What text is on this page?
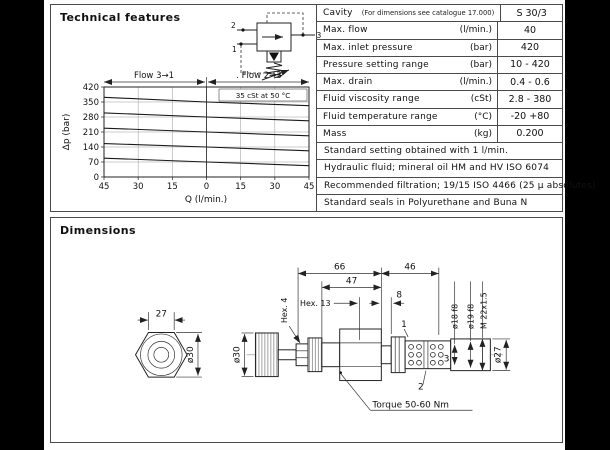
Technical features
2
1
3
0
70
140
210
280
350
420
45	30	15	0	15	30	45
Flow 3→1	. Flow 2→3
35 cSt at 50 °C
Q (l/min.)
Δp (bar)
Cavity (For dimensions see catalogue 17.000)	S 30/3
Max. flow	(l/min.)	40
Max. inlet pressure	(bar)	420
Pressure setting range	(bar)	10 - 420
Max. drain	(l/min.)	0.4 - 0.6
Fluid viscosity range	(cSt)	2.8 - 380
Fluid temperature range	(°C)	-20 +80
Mass	(kg)	0.200
Standard setting obtained with 1 l/min.
Hydraulic fluid; mineral oil HM and HV ISO 6074
Recommended filtration; 19/15 ISO 4466 (25 μ absolutes)
Standard seals in Polyurethane and Buna N
Dimensions
27
ø30
66	46
47
Hex. 13
8
Hex. 4
ø30
ø18 f8 ø19 f8 M 22x1.5
ø27
1
2
3
Torque 50-60 Nm
